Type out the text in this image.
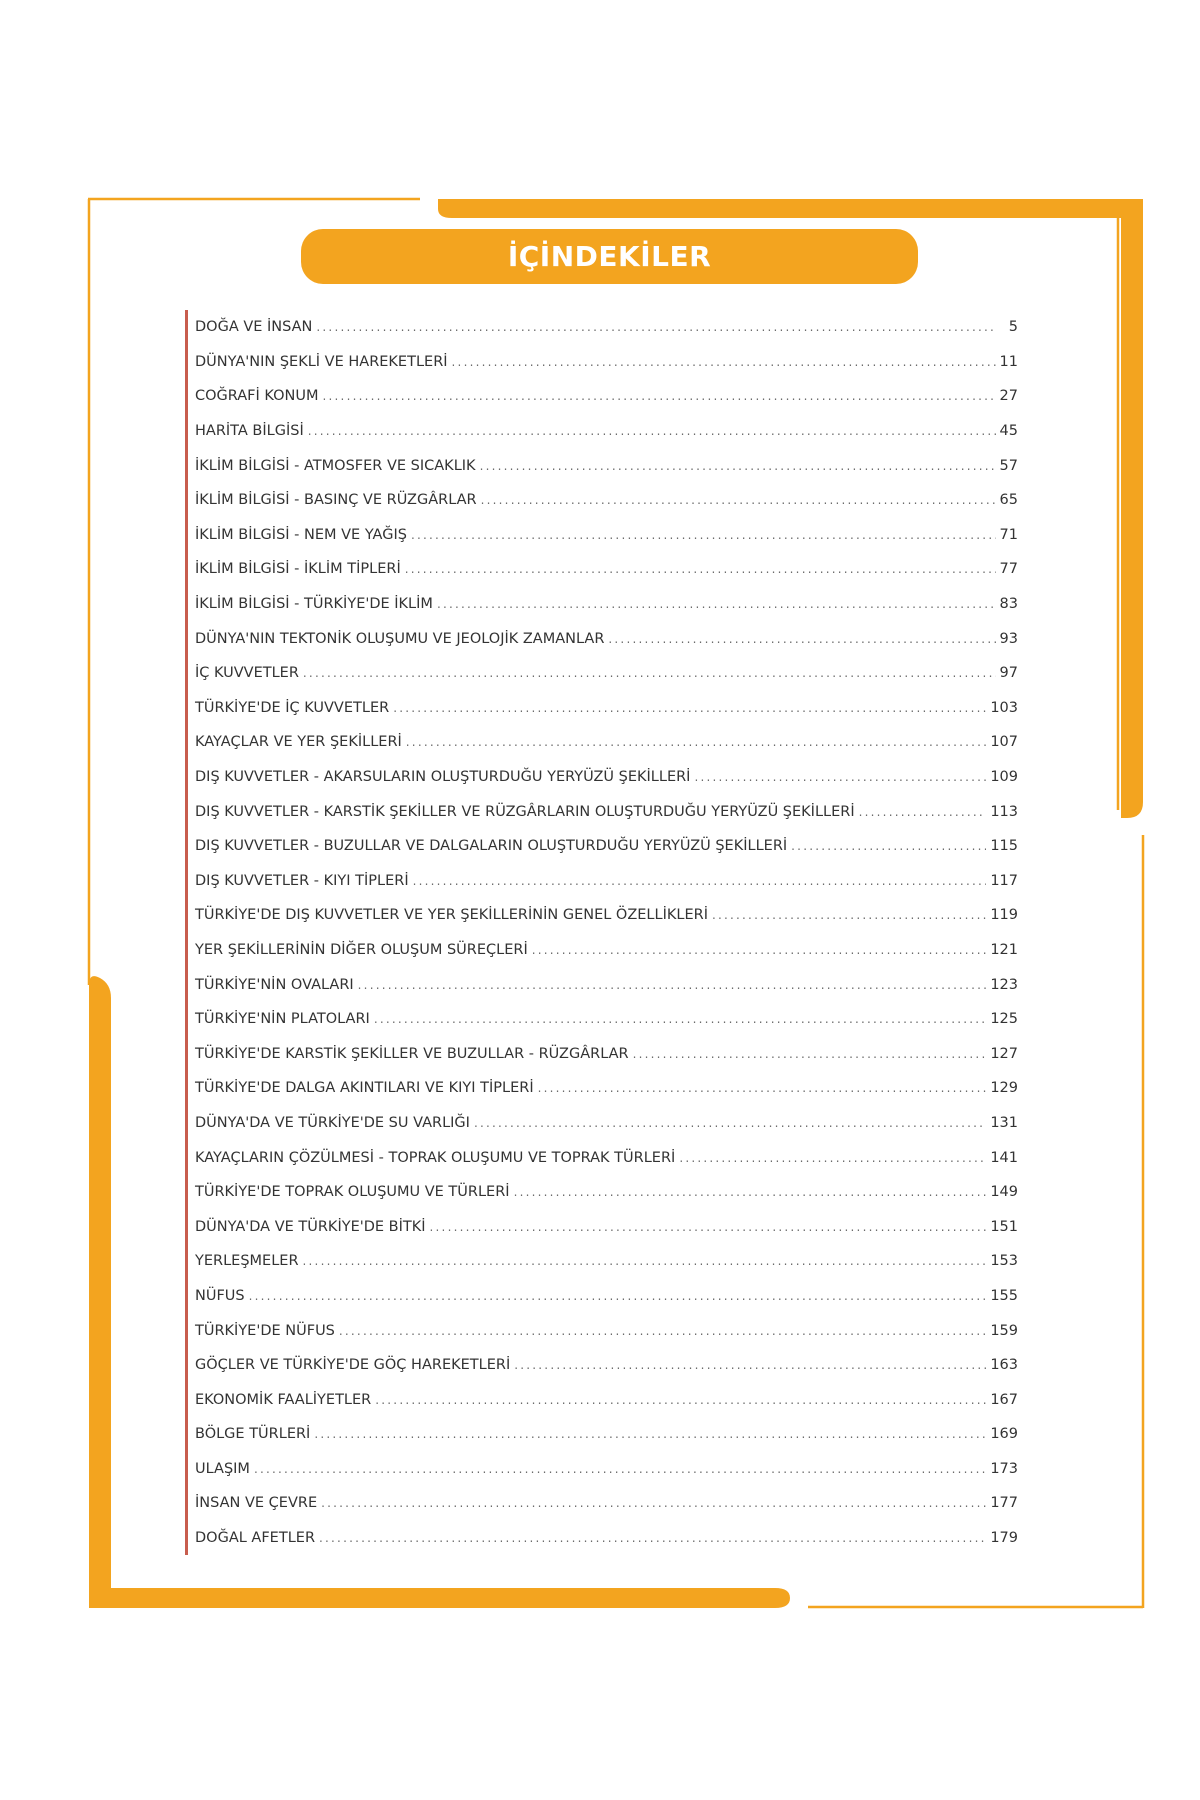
İÇİNDEKİLER
DOĞA VE İNSAN .....	5
DÜNYA'NIN ŞEKLİ VE HAREKETLERİ .....	11
COĞRAFİ KONUM .....	27
HARİTA BİLGİSİ .....	45
İKLİM BİLGİSİ - ATMOSFER VE SICAKLIK .....	57
İKLİM BİLGİSİ - BASINÇ VE RÜZGÂRLAR .....	65
İKLİM BİLGİSİ - NEM VE YAĞIŞ .....	71
İKLİM BİLGİSİ - İKLİM TİPLERİ .....	77
İKLİM BİLGİSİ - TÜRKİYE'DE İKLİM .....	83
DÜNYA'NIN TEKTONİK OLUŞUMU VE JEOLOJİK ZAMANLAR .....	93
İÇ KUVVETLER .....	97
TÜRKİYE'DE İÇ KUVVETLER .....	103
KAYAÇLAR VE YER ŞEKİLLERİ .....	107
DIŞ KUVVETLER - AKARSULARIN OLUŞTURDUĞU YERYÜZÜ ŞEKİLLERİ .....	109
DIŞ KUVVETLER - KARSTİK ŞEKİLLER VE RÜZGÂRLARIN OLUŞTURDUĞU YERYÜZÜ ŞEKİLLERİ .....	113
DIŞ KUVVETLER - BUZULLAR VE DALGALARIN OLUŞTURDUĞU YERYÜZÜ ŞEKİLLERİ .....	115
DIŞ KUVVETLER - KIYI TİPLERİ .....	117
TÜRKİYE'DE DIŞ KUVVETLER VE YER ŞEKİLLERİNİN GENEL ÖZELLİKLERİ .....	119
YER ŞEKİLLERİNİN DİĞER OLUŞUM SÜREÇLERİ .....	121
TÜRKİYE'NİN OVALARI .....	123
TÜRKİYE'NİN PLATOLARI .....	125
TÜRKİYE'DE KARSTİK ŞEKİLLER VE BUZULLAR - RÜZGÂRLAR .....	127
TÜRKİYE'DE DALGA AKINTILARI VE KIYI TİPLERİ .....	129
DÜNYA'DA VE TÜRKİYE'DE SU VARLIĞI .....	131
KAYAÇLARIN ÇÖZÜLMESİ - TOPRAK OLUŞUMU VE TOPRAK TÜRLERİ .....	141
TÜRKİYE'DE TOPRAK OLUŞUMU VE TÜRLERİ .....	149
DÜNYA'DA VE TÜRKİYE'DE BİTKİ .....	151
YERLEŞMELER .....	153
NÜFUS .....	155
TÜRKİYE'DE NÜFUS .....	159
GÖÇLER VE TÜRKİYE'DE GÖÇ HAREKETLERİ .....	163
EKONOMİK FAALİYETLER .....	167
BÖLGE TÜRLERİ .....	169
ULAŞIM .....	173
İNSAN VE ÇEVRE .....	177
DOĞAL AFETLER .....	179
